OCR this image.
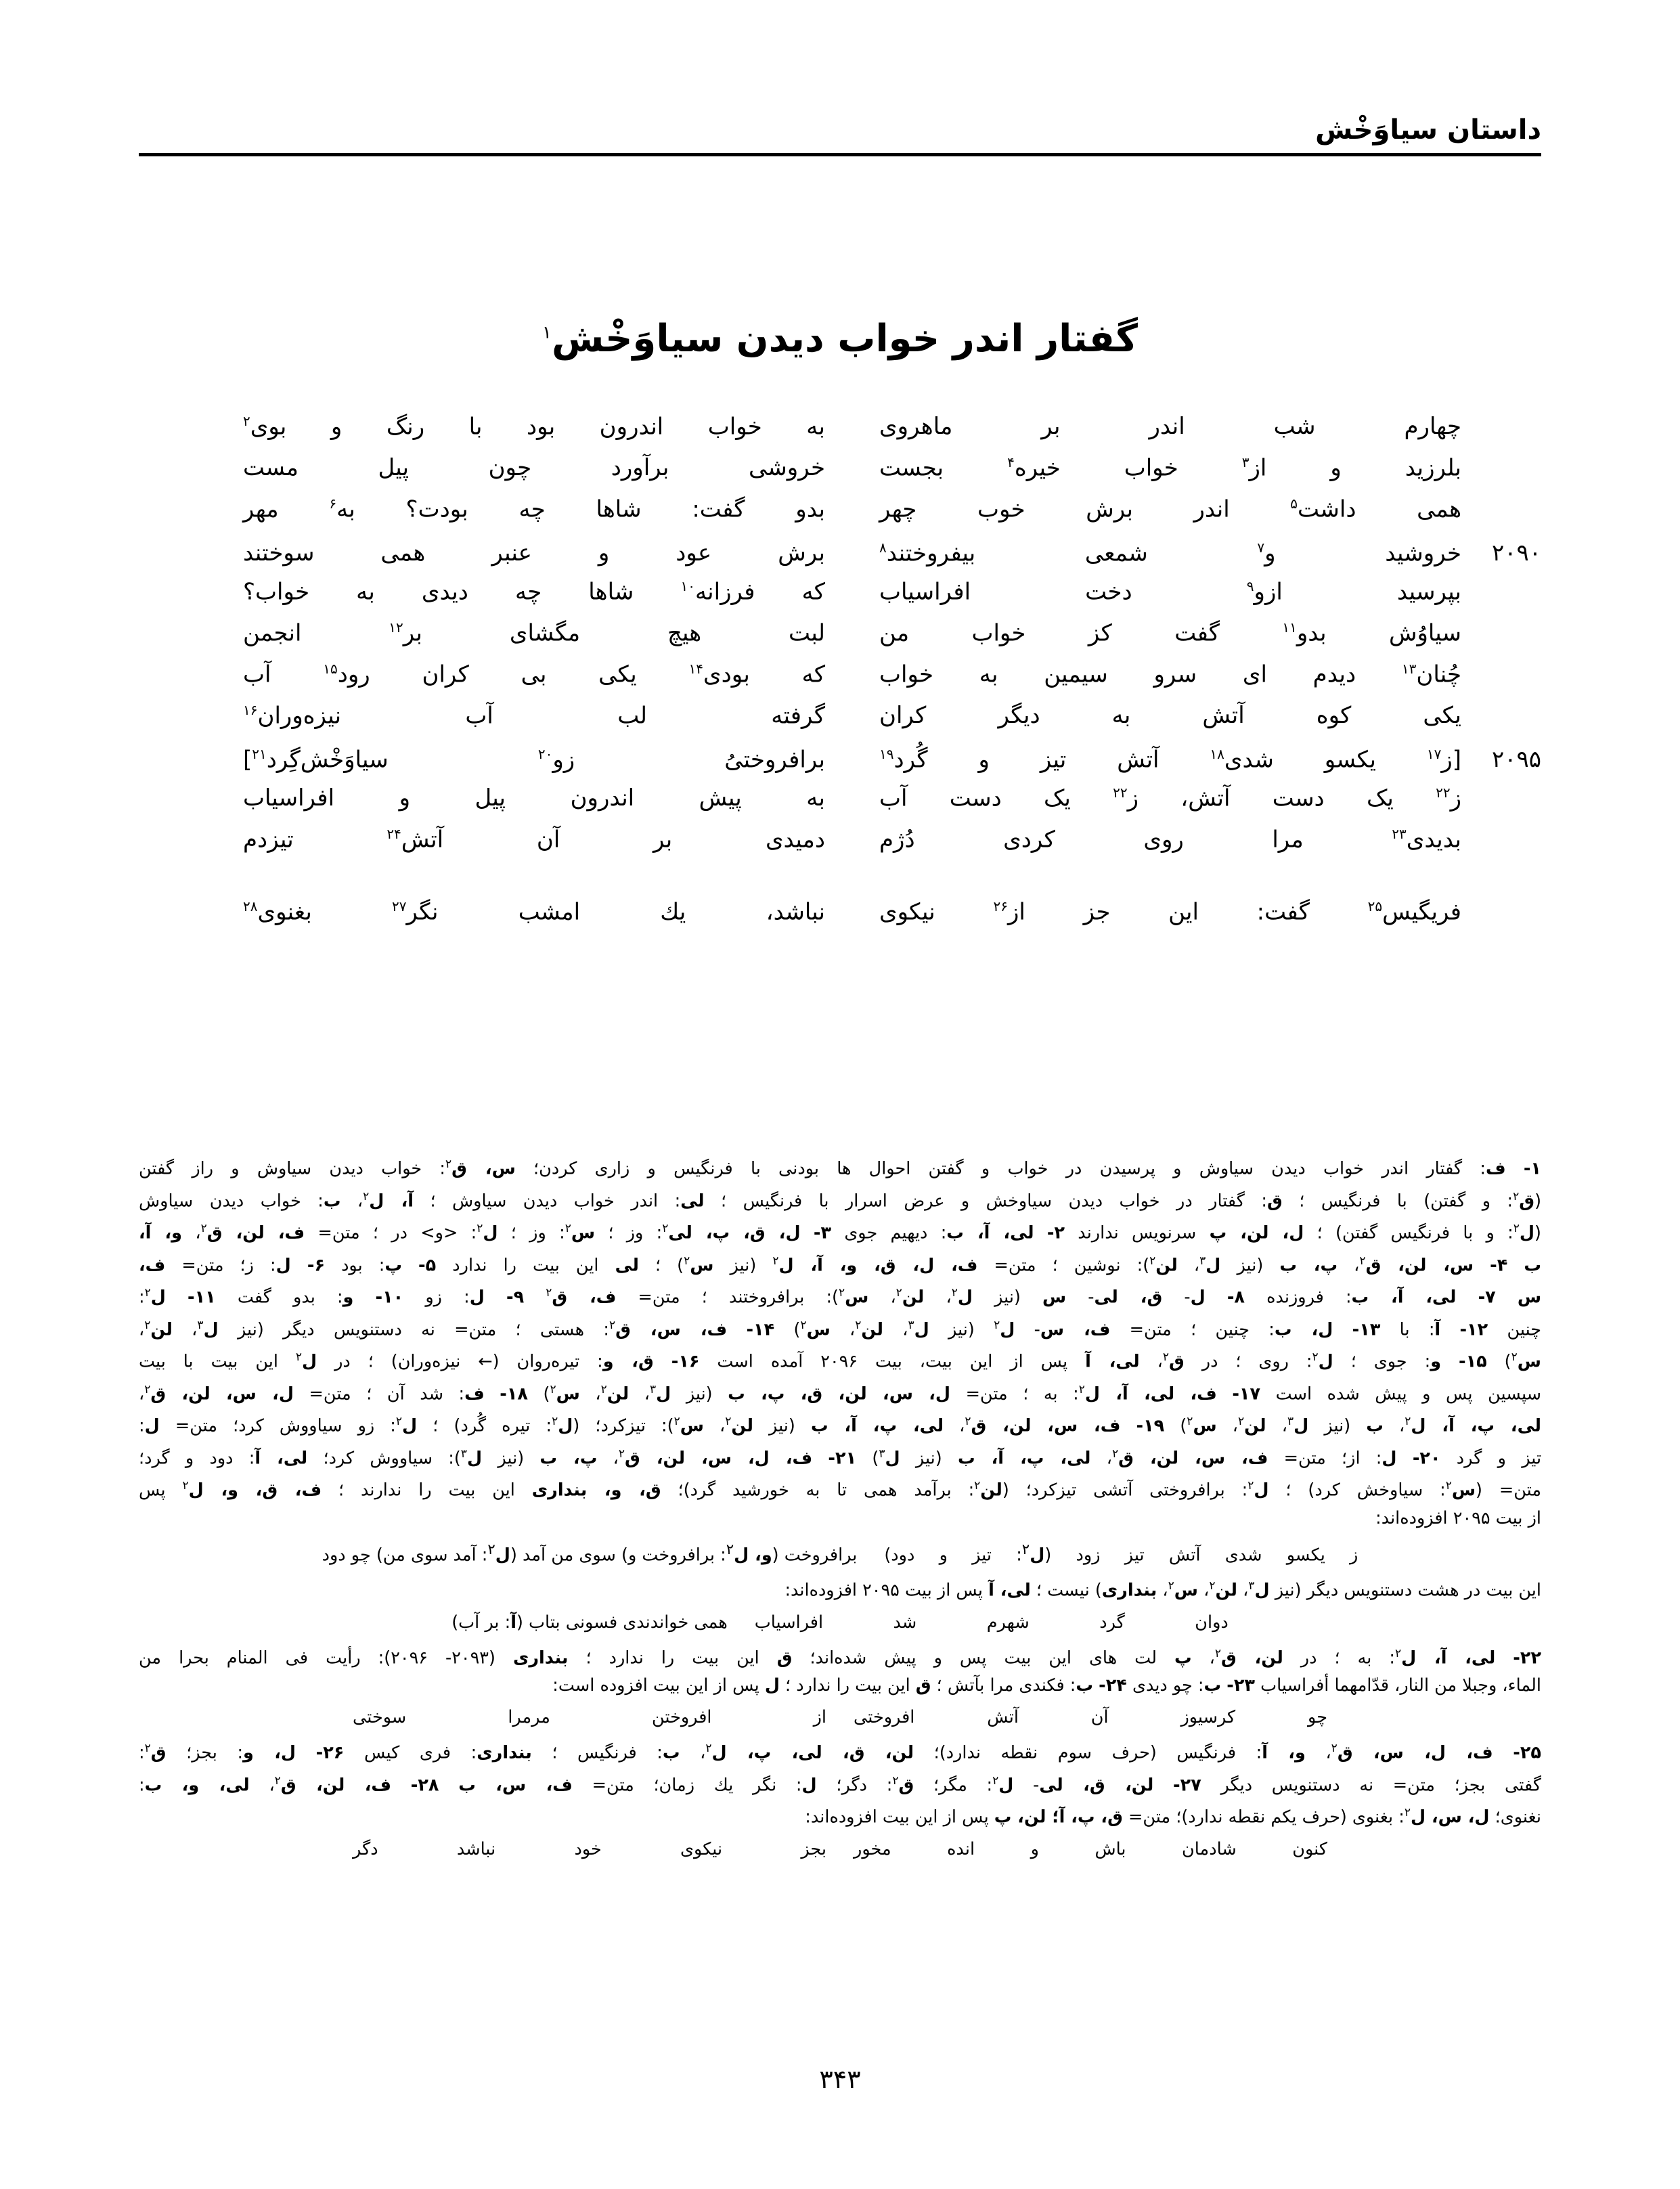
داستان سیاوَخْش
گفتار اندر خواب دیدن سیاوَخْش$^۱$
چهارم شب اندر بر ماهروی
به خواب اندرون بود با رنگ و بوی$^۲$
بلرزید و از$^۳$ خواب خیره$^۴$ بجست
خروشی برآورد چون پیل مست
همی داشت$^۵$ اندر برش خوب چهر
بدو گفت: شاها چه بودت؟ به$^۶$ مهر
۲۰۹۰
خروشید و$^۷$ شمعی بیفروختند$^۸$
برش عود و عنبر همی سوختند
بپرسید ازو$^۹$ دخت افراسیاب
که فرزانه$^{۱۰}$ شاها چه دیدی به خواب؟
سیاوُش بدو$^{۱۱}$ گفت کز خواب من
لبت هیچ مگشای بر$^{۱۲}$ انجمن
چُنان$^{۱۳}$ دیدم ای سرو سیمین به خواب
که بودی$^{۱۴}$ یکی بی کران رود$^{۱۵}$ آب
یکی کوه آتش به دیگر کران
گرفته لب آب نیزه‌وران$^{۱۶}$
۲۰۹۵
[ز$^{۱۷}$ یکسو شدی$^{۱۸}$ آتش تیز و گُرد$^{۱۹}$
برافروختیُ زو$^{۲۰}$ سیاوَخْش‌گِرد$^{۲۱}$]
ز$^{۲۲}$ یک دست آتش، ز$^{۲۲}$ یک دست آب
به پیش اندرون پیل و افراسیاب
بدیدی$^{۲۳}$ مرا روی کردی دُژم
دمیدی بر آن آتش$^{۲۴}$ تیزدم
فریگیس$^{۲۵}$ گفت: این جز از$^{۲۶}$ نیکوی
نباشد، یك امشب نگر$^{۲۷}$ بغنوی$^{۲۸}$
۱- ف: گفتار اندر خواب دیدن سیاوش و پرسیدن در خواب و گفتن احوال ها بودنی با فرنگیس و زاری کردن؛ س، ق$^۲$: خواب دیدن سیاوش و راز گفتن
(ق$^۲$: و گفتن) با فرنگیس ؛ ق: گفتار در خواب دیدن سیاوخش و عرض اسرار با فرنگیس ؛ لی: اندر خواب دیدن سیاوش ؛ آ، ل$^۲$، ب: خواب دیدن سیاوش
(ل$^۲$: و با فرنگیس گفتن) ؛ ل، لن، پ سرنویس ندارند ۲- لی، آ، ب: دیهیم جوی ۳- ل، ق، پ، لی$^۲$: وز ؛ س$^۲$: وز ؛ ل$^۲$: <و> در ؛ متن= ف، لن، ق$^۲$، و، آ،
ب ۴- س، لن، ق$^۲$، پ، ب (نیز ل$^۳$، لن$^۲$): نوشین ؛ متن= ف، ل، ق، و، آ، ل$^۲$ (نیز س$^۲$) ؛ لی این بیت را ندارد ۵- پ: بود ۶- ل: ز؛ متن= ف،
س ۷- لی، آ، ب: فروزنده ۸- ل- ق، لی- س (نیز ل$^۲$، لن$^۲$، س$^۲$): برافروختند ؛ متن= ف، ق$^۲$ ۹- ل: زو ۱۰- و: بدو گفت ۱۱- ل$^۲$:
چنین ۱۲- آ: با ۱۳- ل، ب: چنین ؛ متن= ف، س- ل$^۲$ (نیز ل$^۳$، لن$^۲$، س$^۲$) ۱۴- ف، س، ق$^۲$: هستی ؛ متن= نه دستنویس دیگر (نیز ل$^۳$، لن$^۲$،
س$^۲$) ۱۵- و: جوی ؛ ل$^۲$: روی ؛ در ق$^۲$، لی، آ پس از این بیت، بیت ۲۰۹۶ آمده است ۱۶- ق، و: تیره‌روان (← نیزه‌وران) ؛ در ل$^۲$ این بیت با بیت
سپسین پس و پیش شده است ۱۷- ف، لی، آ، ل$^۲$: به ؛ متن= ل، س، لن، ق، پ، ب (نیز ل$^۳$، لن$^۲$، س$^۲$) ۱۸- ف: شد آن ؛ متن= ل، س، لن، ق$^۲$،
لی، پ، آ، ل$^۲$، ب (نیز ل$^۳$، لن$^۲$، س$^۲$) ۱۹- ف، س، لن، ق$^۲$، لی، پ، آ، ب (نیز لن$^۲$، س$^۲$): تیزکرد؛ (ل$^۲$: تیره گُرد) ؛ ل$^۲$: زو سیاووش کرد؛ متن= ل:
تیز و گرد ۲۰- ل: از؛ متن= ف، س، لن، ق$^۲$، لی، پ، آ، ب (نیز ل$^۳$) ۲۱- ف، ل، س، لن، ق$^۲$، پ، ب (نیز ل$^۳$): سیاووش کرد؛ لی، آ: دود و گرد؛
متن= (س$^۲$: سیاوخش کرد) ؛ ل$^۲$: برافروختی آتشی تیزکرد؛ (لن$^۲$: برآمد همی تا به خورشید گرد)؛ ق، و، بنداری این بیت را ندارند ؛ ف، ق، و، ل$^۲$ پس
از بیت ۲۰۹۵ افزوده‌اند:
ز یکسو شدی آتش تیز زود (ل$^۲$: تیز و دود)
برافروخت (و، ل$^۲$: برافروخت و) سوی من آمد (ل$^۲$: آمد سوی من) چو دود
این بیت در هشت دستنویس دیگر (نیز ل$^۳$، لن$^۲$، س$^۲$، بنداری) نیست ؛ لی، آ پس از بیت ۲۰۹۵ افزوده‌اند:
دوان گرد شهرم شد افراسیاب
همی خواندندی فسونی بتاب (آ: بر آب)
۲۲- لی، آ، ل$^۲$: به ؛ در لن، ق$^۲$، پ لت های این بیت پس و پیش شده‌اند؛ ق این بیت را ندارد ؛ بنداری (۲۰۹۳- ۲۰۹۶): رأیت فی المنام بحرا من
الماء، وجبلا من النار، قدّامهما أفراسیاب ۲۳- ب: چو دیدی ۲۴- ب: فکندی مرا بآتش ؛ ق این بیت را ندارد ؛ ل پس از این بیت افزوده است:
چو کرسیوز آن آتش افروختی
از افروختن مرمرا سوختی
۲۵- ف، ل، س، ق$^۲$، و، آ: فرنگیس (حرف سوم نقطه ندارد)؛ لن، ق، لی، پ، ل$^۲$، ب: فرنگیس ؛ بنداری: فری کیس ۲۶- ل، و: بجز؛ ق$^۲$:
گفتی بجز؛ متن= نه دستنویس دیگر ۲۷- لن، ق، لی- ل$^۲$: مگر؛ ق$^۲$: دگر؛ ل: نگر یك زمان؛ متن= ف، س، ب ۲۸- ف، لن، ق$^۲$، لی، و، ب:
نغنوی؛ ل، س، ل$^۲$: بغنوی (حرف یکم نقطه ندارد)؛ متن= ق، پ، آ؛ لن، پ پس از این بیت افزوده‌اند:
کنون شادمان باش و انده مخور
بجز نیکوی خود نباشد دگر
۳۴۳
